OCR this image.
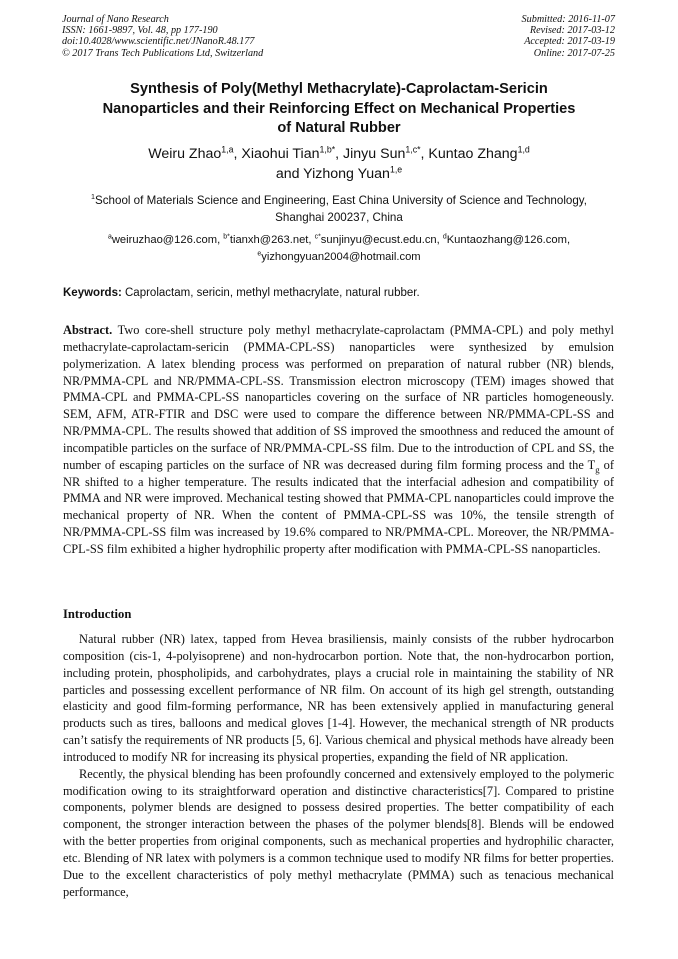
Journal of Nano Research
ISSN: 1661-9897, Vol. 48, pp 177-190
doi:10.4028/www.scientific.net/JNanoR.48.177
© 2017 Trans Tech Publications Ltd, Switzerland
Submitted: 2016-11-07
Revised: 2017-03-12
Accepted: 2017-03-19
Online: 2017-07-25
Synthesis of Poly(Methyl Methacrylate)-Caprolactam-Sericin
Nanoparticles and their Reinforcing Effect on Mechanical Properties
of Natural Rubber
Weiru Zhao$^{1,a}$, Xiaohui Tian$^{1,b*}$, Jinyu Sun$^{1,c*}$, Kuntao Zhang$^{1,d}$
and Yizhong Yuan$^{1,e}$
$^1$School of Materials Science and Engineering, East China University of Science and Technology,
Shanghai 200237, China
$^a$weiruzhao@126.com, $^{b*}$tianxh@263.net, $^{c*}$sunjinyu@ecust.edu.cn, $^d$Kuntaozhang@126.com,
$^e$yizhongyuan2004@hotmail.com
Keywords: Caprolactam, sericin, methyl methacrylate, natural rubber.
Abstract. Two core-shell structure poly methyl methacrylate-caprolactam (PMMA-CPL) and poly methyl methacrylate-caprolactam-sericin (PMMA-CPL-SS) nanoparticles were synthesized by emulsion polymerization. A latex blending process was performed on preparation of natural rubber (NR) blends, NR/PMMA-CPL and NR/PMMA-CPL-SS. Transmission electron microscopy (TEM) images showed that PMMA-CPL and PMMA-CPL-SS nanoparticles covering on the surface of NR particles homogeneously. SEM, AFM, ATR-FTIR and DSC were used to compare the difference between NR/PMMA-CPL-SS and NR/PMMA-CPL. The results showed that addition of SS improved the smoothness and reduced the amount of incompatible particles on the surface of NR/PMMA-CPL-SS film. Due to the introduction of CPL and SS, the number of escaping particles on the surface of NR was decreased during film forming process and the $T_g$ of NR shifted to a higher temperature. The results indicated that the interfacial adhesion and compatibility of PMMA and NR were improved. Mechanical testing showed that PMMA-CPL nanoparticles could improve the mechanical property of NR. When the content of PMMA-CPL-SS was 10%, the tensile strength of NR/PMMA-CPL-SS film was increased by 19.6% compared to NR/PMMA-CPL. Moreover, the NR/PMMA-CPL-SS film exhibited a higher hydrophilic property after modification with PMMA-CPL-SS nanoparticles.
Introduction

Natural rubber (NR) latex, tapped from Hevea brasiliensis, mainly consists of the rubber hydrocarbon composition (cis-1, 4-polyisoprene) and non-hydrocarbon portion. Note that, the non-hydrocarbon portion, including protein, phospholipids, and carbohydrates, plays a crucial role in maintaining the stability of NR particles and possessing excellent performance of NR film. On account of its high gel strength, outstanding elasticity and good film-forming performance, NR has been extensively applied in manufacturing general products such as tires, balloons and medical gloves [1-4]. However, the mechanical strength of NR products can’t satisfy the requirements of NR products [5, 6]. Various chemical and physical methods have already been introduced to modify NR for increasing its physical properties, expanding the field of NR application.

Recently, the physical blending has been profoundly concerned and extensively employed to the polymeric modification owing to its straightforward operation and distinctive characteristics[7]. Compared to pristine components, polymer blends are designed to possess desired properties. The better compatibility of each component, the stronger interaction between the phases of the polymer blends[8]. Blends will be endowed with the better properties from original components, such as mechanical properties and hydrophilic character, etc. Blending of NR latex with polymers is a common technique used to modify NR films for better properties. Due to the excellent characteristics of poly methyl methacrylate (PMMA) such as tenacious mechanical performance,
